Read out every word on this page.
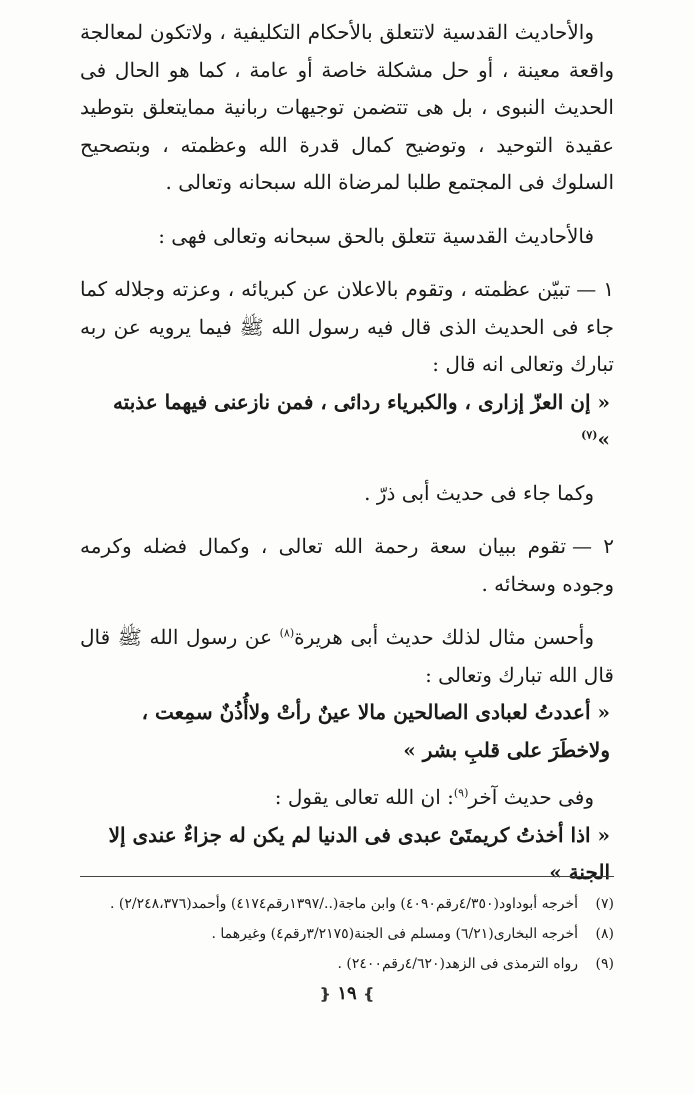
والأحاديث القدسية لاتتعلق بالأحكام التكليفية ، ولاتكون لمعالجة واقعة معينة ، أو حل مشكلة خاصة أو عامة ، كما هو الحال فى الحديث النبوى ، بل هى تتضمن توجيهات ربانية ممايتعلق بتوطيد عقيدة التوحيد ، وتوضيح كمال قدرة الله وعظمته ، وبتصحيح السلوك فى المجتمع طلبا لمرضاة الله سبحانه وتعالى .

فالأحاديث القدسية تتعلق بالحق سبحانه وتعالى فهى :

١ —تبيّن عظمته ، وتقوم بالاعلان عن كبريائه ، وعزته وجلاله كما جاء فى الحديث الذى قال فيه رسول الله ﷺ فيما يرويه عن ربه تبارك وتعالى انه قال :

« إن العزّ إزارى ، والكبرياء ردائى ، فمن نازعنى فيهما عذبته »$^{(٧)}$

وكما جاء فى حديث أبى ذرّ .

٢ —تقوم ببيان سعة رحمة الله تعالى ، وكمال فضله وكرمه وجوده وسخائه .

وأحسن مثال لذلك حديث أبى هريرة$^{(٨)}$ عن رسول الله ﷺ قال قال الله تبارك وتعالى :

« أعددتُ لعبادى الصالحين مالا عينٌ رأتْ ولاأُذُنٌ سمِعت ، ولاخطَرَ على قلبِ بشر »

وفى حديث آخر$^{(٩)}$: ان الله تعالى يقول :

« اذا أخذتُ كريمتَىْ عبدى فى الدنيا لم يكن له جزاءٌ عندى إلا الجنة »

(٧)
أخرجه أبوداود(٤/٣٥٠رقم٤٠٩٠) وابن ماجة(../١٣٩٧رقم٤١٧٤) وأحمد(٢/٢٤٨،٣٧٦) .
(٨)
أخرجه البخارى(٦/٢١) ومسلم فى الجنة(٣/٢١٧٥رقم٤) وغيرهما .
(٩)
رواه الترمذى فى الزهد(٤/٦٢٠رقم٢٤٠٠) .
❵١٩❴
